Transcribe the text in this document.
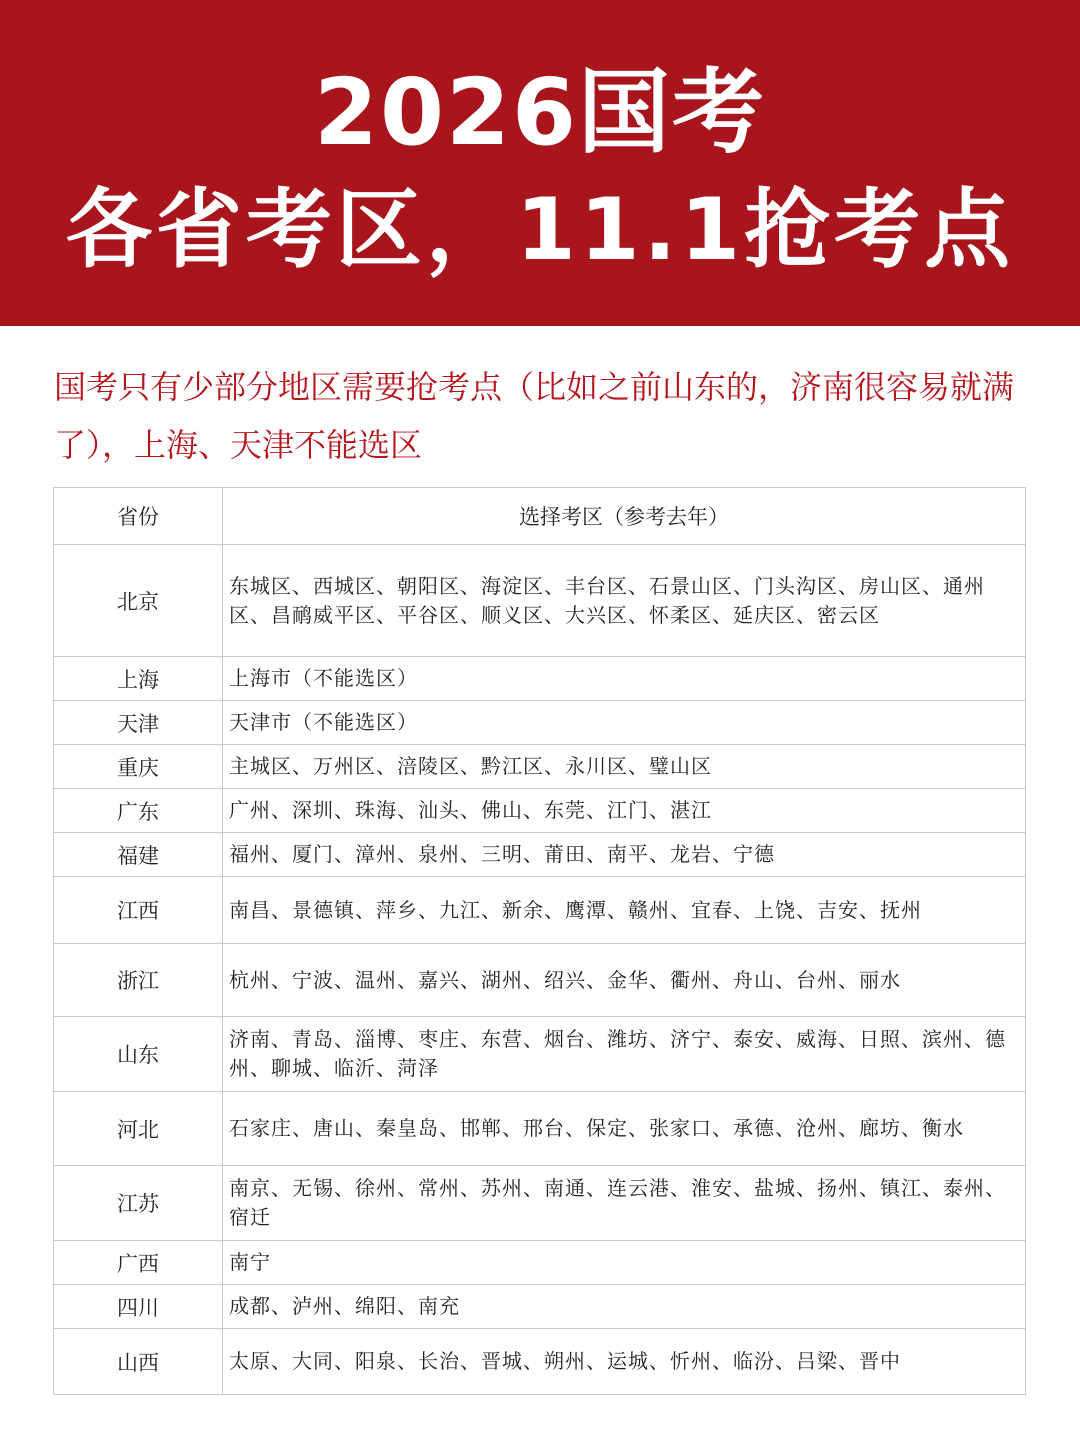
2026国考
各省考区，11.1抢考点
国考只有少部分地区需要抢考点（比如之前山东的，济南很容易就满了），上海、天津不能选区
省份	选择考区（参考去年）
北京	东城区、西城区、朝阳区、海淀区、丰台区、石景山区、门头沟区、房山区、通州区、昌鸸威平区、平谷区、顺义区、大兴区、怀柔区、延庆区、密云区
上海	上海市（不能选区）
天津	天津市（不能选区）
重庆	主城区、万州区、涪陵区、黔江区、永川区、璧山区
广东	广州、深圳、珠海、汕头、佛山、东莞、江门、湛江
福建	福州、厦门、漳州、泉州、三明、莆田、南平、龙岩、宁德
江西	南昌、景德镇、萍乡、九江、新余、鹰潭、赣州、宜春、上饶、吉安、抚州
浙江	杭州、宁波、温州、嘉兴、湖州、绍兴、金华、衢州、舟山、台州、丽水
山东	济南、青岛、淄博、枣庄、东营、烟台、潍坊、济宁、泰安、威海、日照、滨州、德州、聊城、临沂、菏泽
河北	石家庄、唐山、秦皇岛、邯郸、邢台、保定、张家口、承德、沧州、廊坊、衡水
江苏	南京、无锡、徐州、常州、苏州、南通、连云港、淮安、盐城、扬州、镇江、泰州、宿迁
广西	南宁
四川	成都、泸州、绵阳、南充
山西	太原、大同、阳泉、长治、晋城、朔州、运城、忻州、临汾、吕梁、晋中
